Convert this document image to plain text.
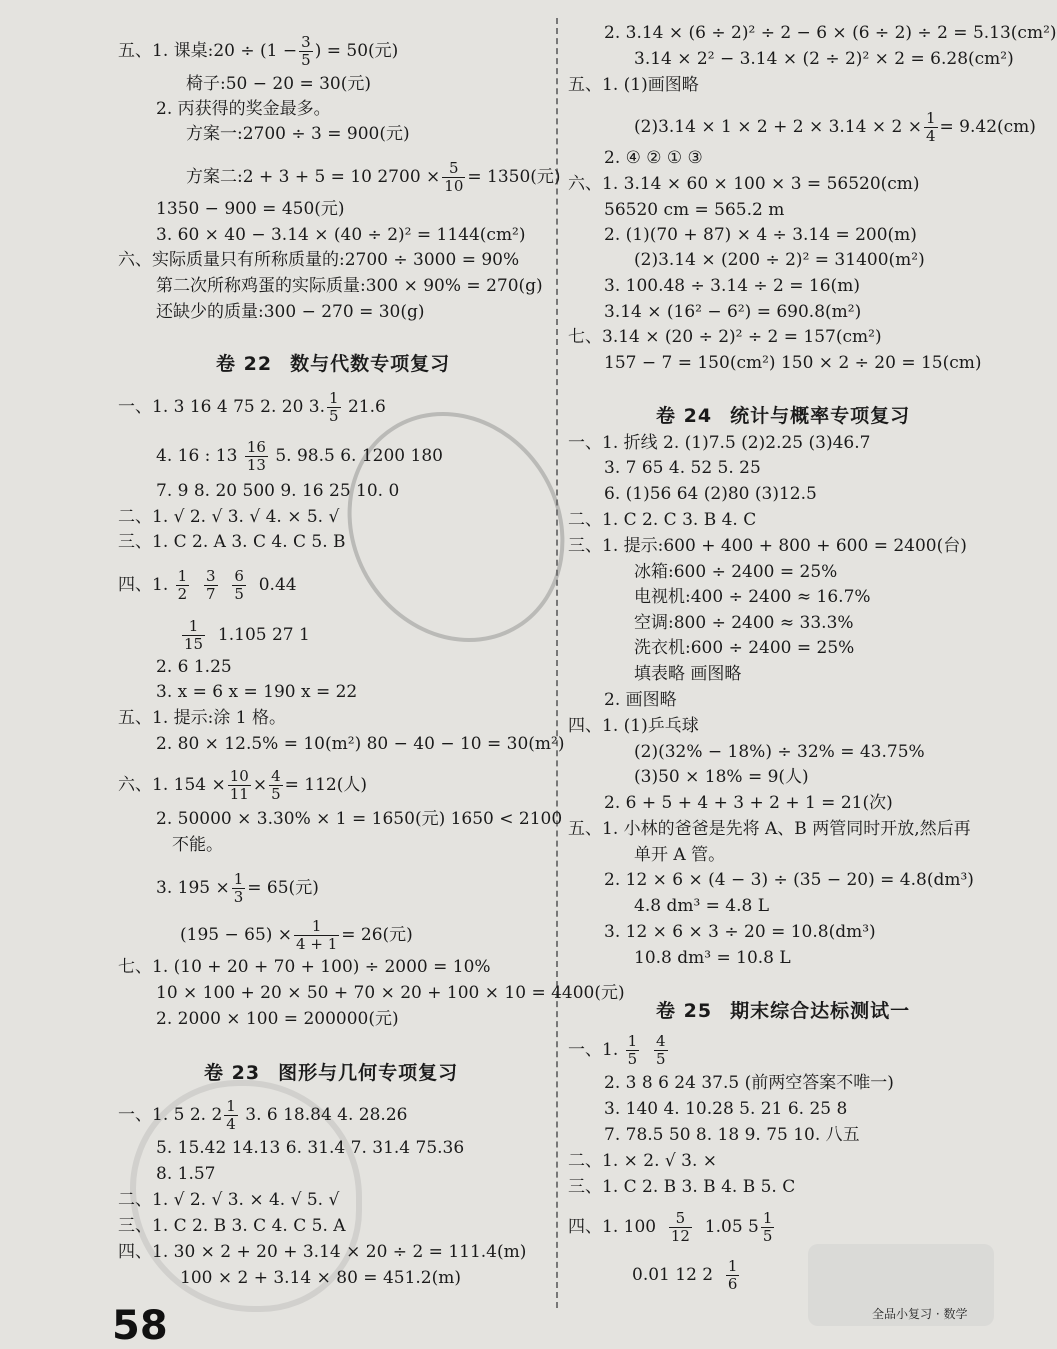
五、1. 课桌:20 ÷ ($1 - \frac{3}{5}$ ) = 50(元)
椅子:50 − 20 = 30(元)
2. 丙获得的奖金最多。
方案一:2700 ÷ 3 = 900(元)
方案二:2 + 3 + 5 = 10 $2700 \times \frac{5}{10} = 1350$(元)
1350 − 900 = 450(元)
3. 60 × 40 − 3.14 × (40 ÷ 2)² = 1144(cm²)
六、实际质量只有所称质量的:2700 ÷ 3000 = 90%
第二次所称鸡蛋的实际质量:300 × 90% = 270(g)
还缺少的质量:300 − 270 = 30(g)
卷 22 数与代数专项复习
一、1. 3 16 4 75 2. 20 3. $\frac{1}{5} 21.6$
4. 16 : $13 \frac{16}{13} 5$. 98.5 6. 1200 180
7. 9 8. 20 500 9. 16 25 10. 0
二、1. √ 2. √ 3. √ 4. × 5. √
三、1. C 2. A 3. C 4. C 5. B
四、1. $\frac{1}{2}$
$\frac{3}{7}$
$\frac{6}{5} 0.44$
$\frac{1}{15} 1.105$ 27 1
2. 6 1.25
3. x = 6 x = 190 x = 22
五、1. 提示:涂 1 格。
2. 80 × 12.5% = 10(m²) 80 − 40 − 10 = 30(m²)
六、1. $154 \times \frac{10}{11} \times \frac{4}{5} = 112$(人)
2. 50000 × 3.30% × 1 = 1650(元) 1650 < 2100
不能。
3. $195 \times \frac{1}{3} = 65$(元)
$(195 - 65) \times \frac{1}{4 + 1} = 26$(元)
七、1. (10 + 20 + 70 + 100) ÷ 2000 = 10%
10 × 100 + 20 × 50 + 70 × 20 + 100 × 10 = 4400(元)
2. 2000 × 100 = 200000(元)
卷 23 图形与几何专项复习
一、1. 5 2. $2 \frac{1}{4} 3$. 6 18.84 4. 28.26
5. 15.42 14.13 6. 31.4 7. 31.4 75.36
8. 1.57
二、1. √ 2. √ 3. × 4. √ 5. √
三、1. C 2. B 3. C 4. C 5. A
四、1. 30 × 2 + 20 + 3.14 × 20 ÷ 2 = 111.4(m)
100 × 2 + 3.14 × 80 = 451.2(m)
2. 3.14 × (6 ÷ 2)² ÷ 2 − 6 × (6 ÷ 2) ÷ 2 = 5.13(cm²)
3.14 × 2² − 3.14 × (2 ÷ 2)² × 2 = 6.28(cm²)
五、1. (1)画图略
$(2)3.14 \times 1 \times 2 + 2 \times 3.14 \times 2 \times \frac{1}{4} = 9.42(cm)$
2. ④ ② ① ③
六、1. 3.14 × 60 × 100 × 3 = 56520(cm)
56520 cm = 565.2 m
2. (1)(70 + 87) × 4 ÷ 3.14 = 200(m)
(2)3.14 × (200 ÷ 2)² = 31400(m²)
3. 100.48 ÷ 3.14 ÷ 2 = 16(m)
3.14 × (16² − 6²) = 690.8(m²)
七、3.14 × (20 ÷ 2)² ÷ 2 = 157(cm²)
157 − 7 = 150(cm²) 150 × 2 ÷ 20 = 15(cm)
卷 24 统计与概率专项复习
一、1. 折线 2. (1)7.5 (2)2.25 (3)46.7
3. 7 65 4. 52 5. 25
6. (1)56 64 (2)80 (3)12.5
二、1. C 2. C 3. B 4. C
三、1. 提示:600 + 400 + 800 + 600 = 2400(台)
冰箱:600 ÷ 2400 = 25%
电视机:400 ÷ 2400 ≈ 16.7%
空调:800 ÷ 2400 ≈ 33.3%
洗衣机:600 ÷ 2400 = 25%
填表略 画图略
2. 画图略
四、1. (1)乒乓球
(2)(32% − 18%) ÷ 32% = 43.75%
(3)50 × 18% = 9(人)
2. 6 + 5 + 4 + 3 + 2 + 1 = 21(次)
五、1. 小林的爸爸是先将 A、B 两管同时开放,然后再
单开 A 管。
2. 12 × 6 × (4 − 3) ÷ (35 − 20) = 4.8(dm³)
4.8 dm³ = 4.8 L
3. 12 × 6 × 3 ÷ 20 = 10.8(dm³)
10.8 dm³ = 10.8 L
卷 25 期末综合达标测试一
一、1. $\frac{1}{5}$
$\frac{4}{5}$
2. 3 8 6 24 37.5 (前两空答案不唯一)
3. 140 4. 10.28 5. 21 6. 25 8
7. 78.5 50 8. 18 9. 75 10. 八五
二、1. × 2. √ 3. ×
三、1. C 2. B 3. B 4. B 5. C
四、1. $100 \frac{5}{12} 1.05$ $5 \frac{1}{5}$
0.01 12 $2 \frac{1}{6}$
58	全品小复习 · 数学
